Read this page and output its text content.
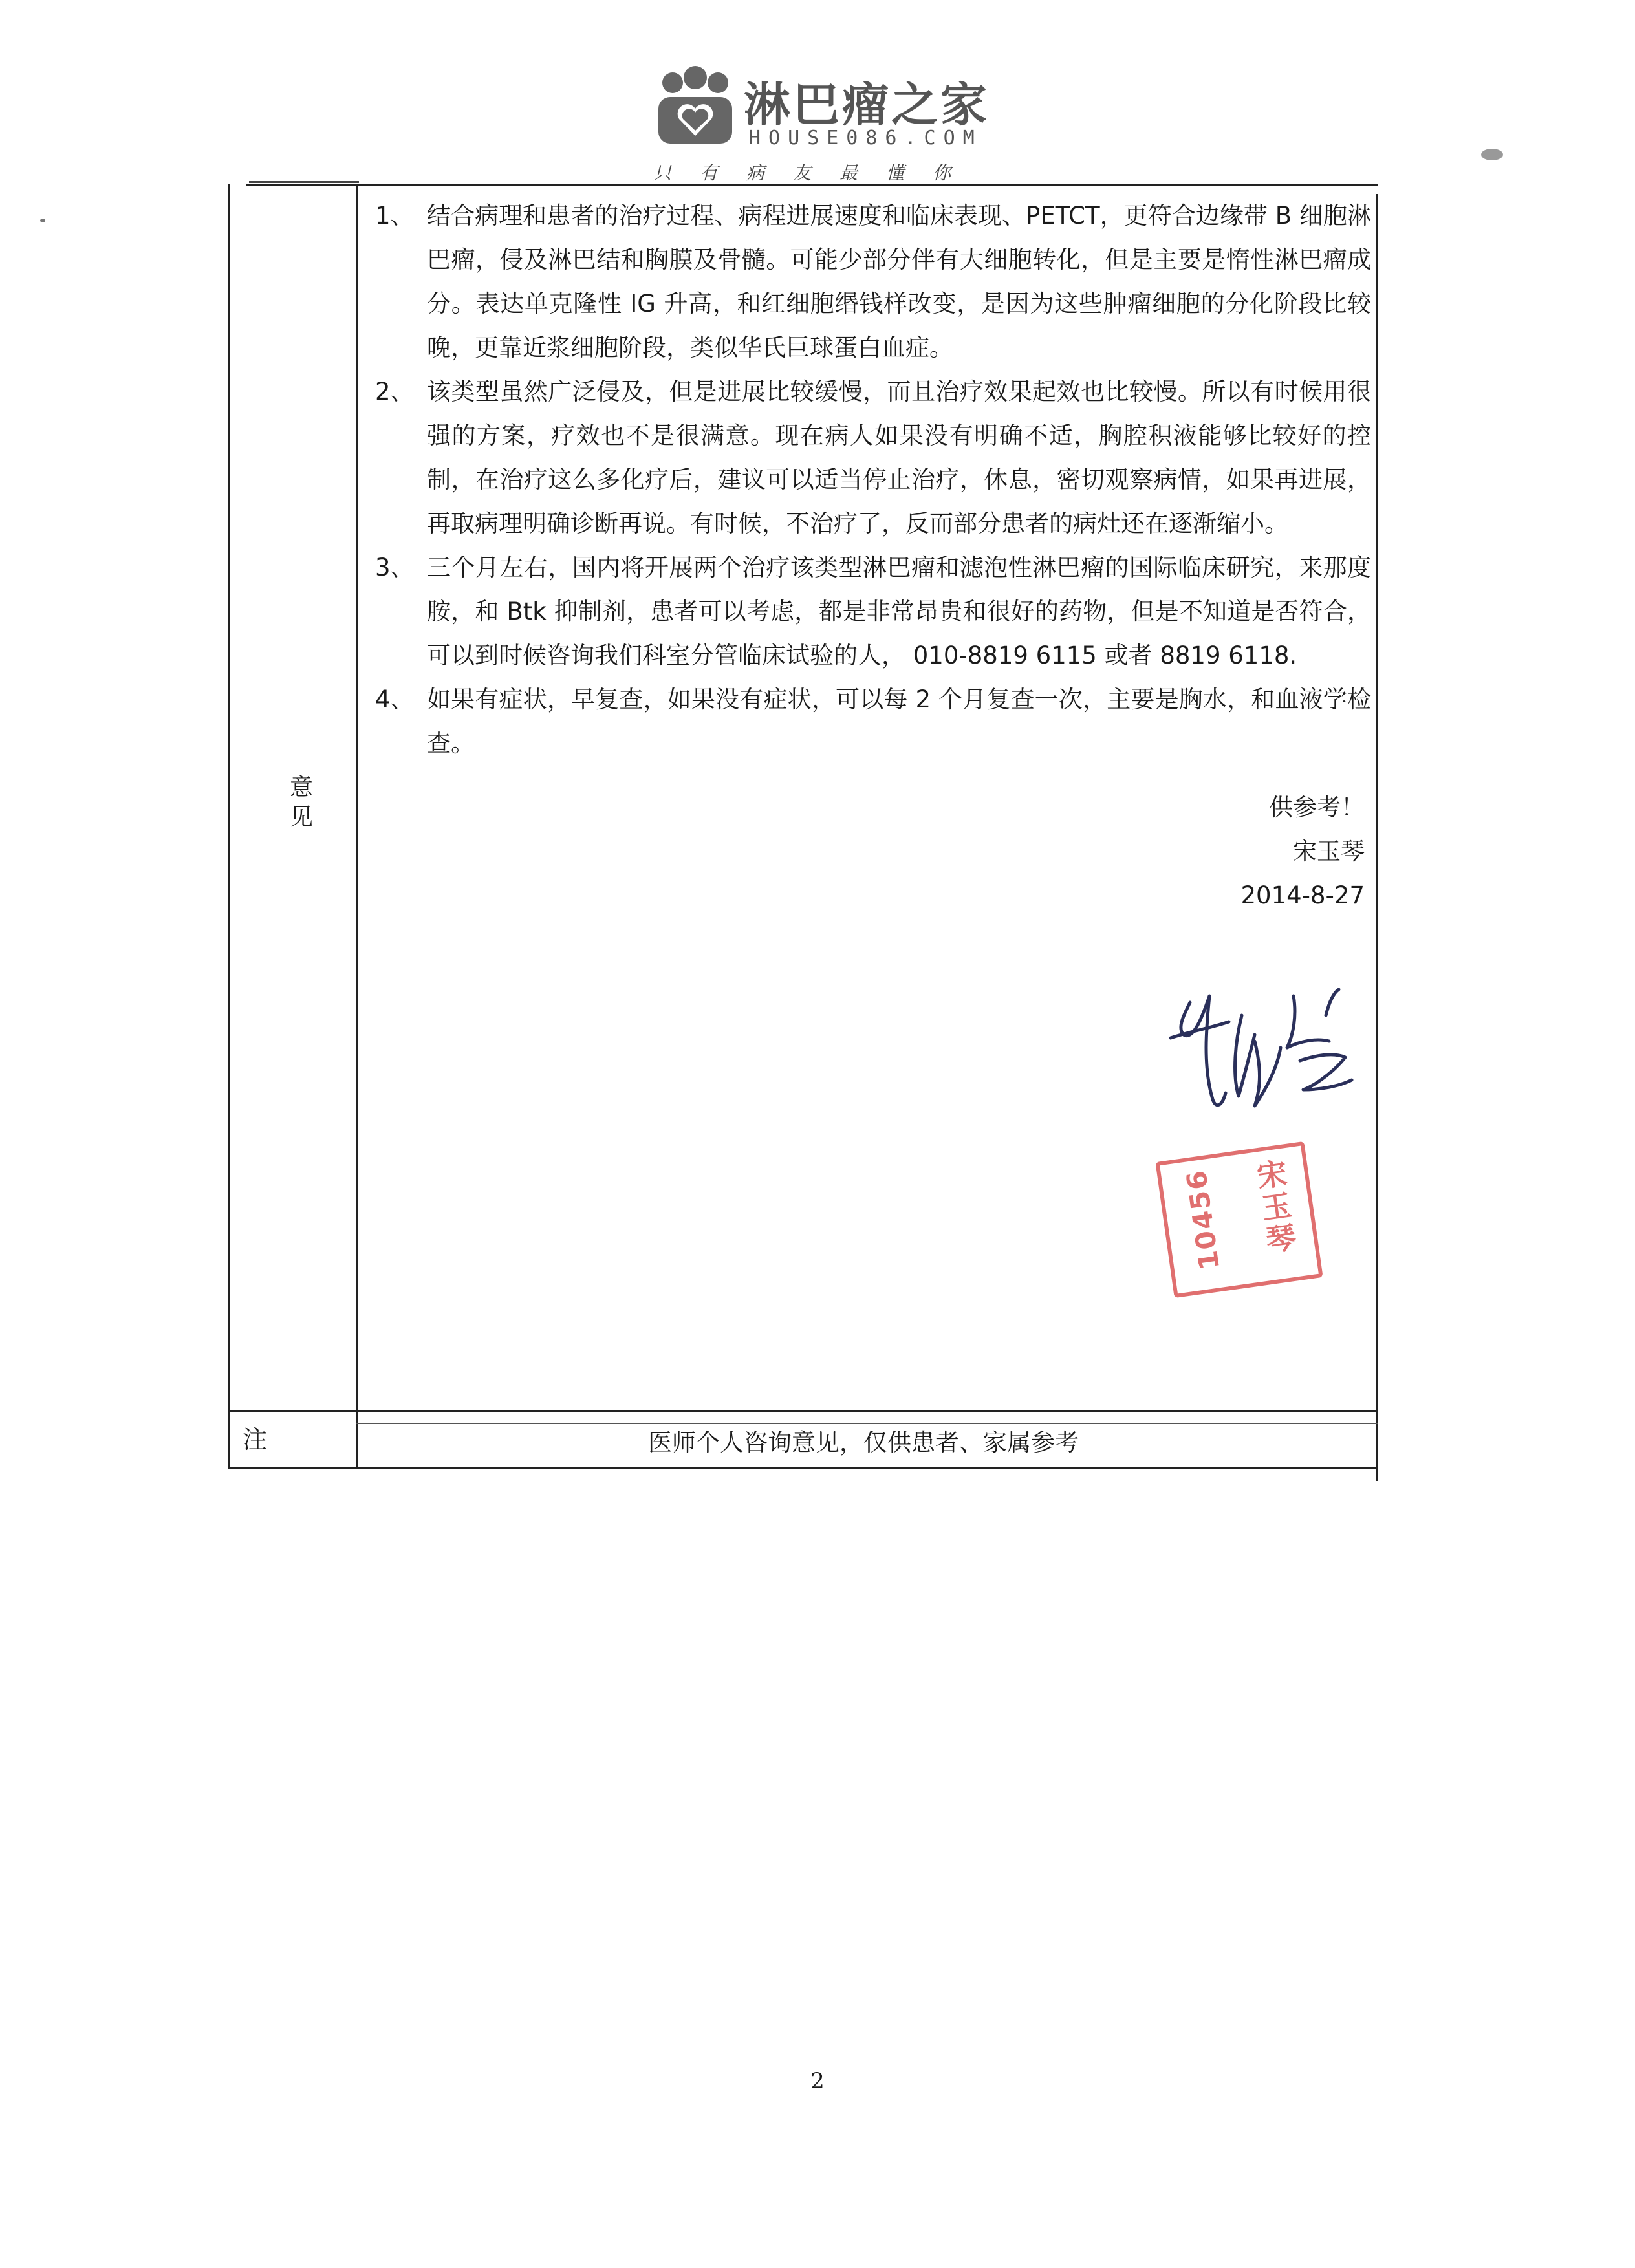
淋巴瘤之家
HOUSE086.COM
只有病友最懂你
意见
注
1、 结合病理和患者的治疗过程、病程进展速度和临床表现、PETCT，更符合边缘带 B 细胞淋巴瘤，侵及淋巴结和胸膜及骨髓。可能少部分伴有大细胞转化，但是主要是惰性淋巴瘤成分。表达单克隆性 IG 升高，和红细胞缗钱样改变，是因为这些肿瘤细胞的分化阶段比较晚，更靠近浆细胞阶段，类似华氏巨球蛋白血症。
2、 该类型虽然广泛侵及，但是进展比较缓慢，而且治疗效果起效也比较慢。所以有时候用很强的方案，疗效也不是很满意。现在病人如果没有明确不适，胸腔积液能够比较好的控制，在治疗这么多化疗后，建议可以适当停止治疗，休息，密切观察病情，如果再进展，再取病理明确诊断再说。有时候，不治疗了，反而部分患者的病灶还在逐渐缩小。
3、 三个月左右，国内将开展两个治疗该类型淋巴瘤和滤泡性淋巴瘤的国际临床研究，来那度胺，和 Btk 抑制剂，患者可以考虑，都是非常昂贵和很好的药物，但是不知道是否符合，可以到时候咨询我们科室分管临床试验的人， 010-8819 6115 或者 8819 6118.
4、 如果有症状，早复查，如果没有症状，可以每 2 个月复查一次，主要是胸水，和血液学检查。
供参考！
宋玉琴
2014-8-27
宋玉琴
10456
医师个人咨询意见，仅供患者、家属参考
2
